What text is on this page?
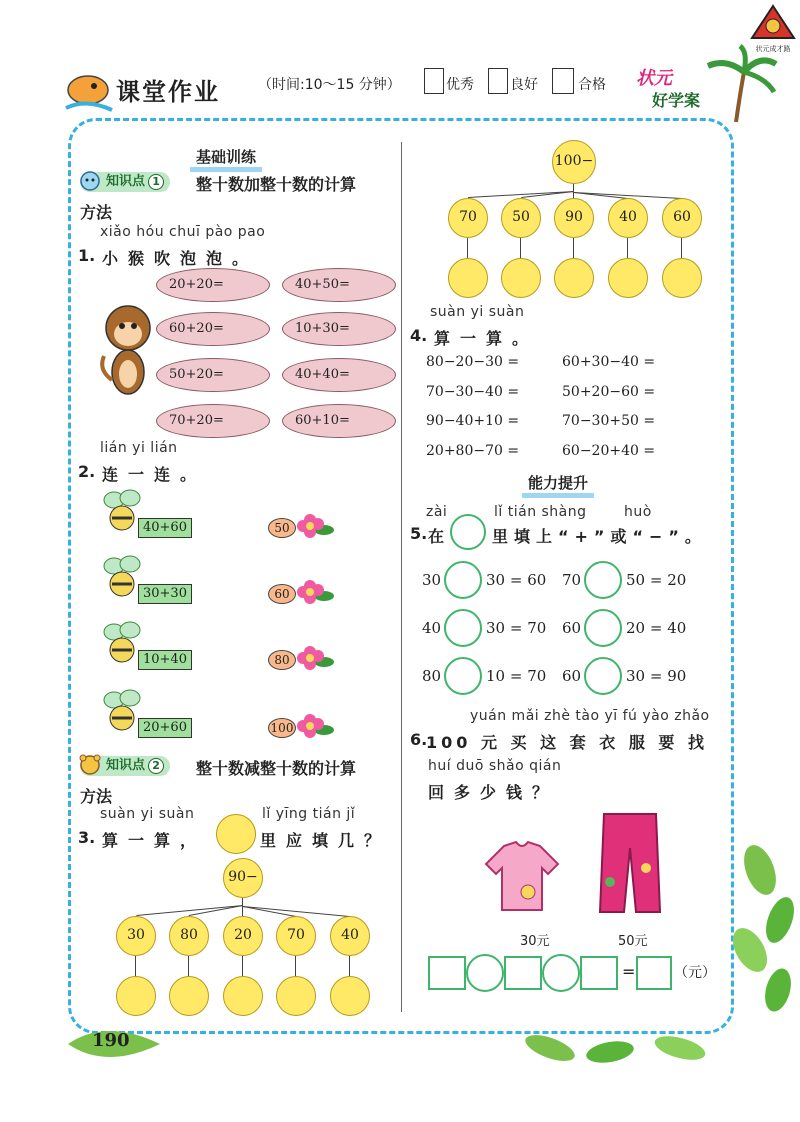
状元成才路
课堂作业	（时间:10～15 分钟）	优秀	良好	合格 状元
好学案
基础训练
知识点 1	整十数加整十数的计算
方法
xiǎo hóu chuī pào pao
1. 小猴吹泡泡。
20+20=	40+50=
60+20=	10+30=
50+20=	40+40=
70+20=	60+10=
lián yi lián
2. 连一连。
40+60	50
30+30	60
10+40	80
20+60	100
知识点 2	整十数减整十数的计算
方法
suàn yi suàn	lǐ yīng tián jǐ
3. 算一算，	里应填几？
90−
30	80	20	70	40
100−
70	50	90	40	60
suàn yi suàn
4. 算一算。
80−20−30 =	60+30−40 =
70−30−40 =	50+20−60 =
90−40+10 =	70−30+50 =
20+80−70 =	60−20+40 =
能力提升
zài	lǐ tián shàng	huò
5. 在	里填上“+”或“−”。
30	30 = 60 70	50 = 20
40	30 = 70 60	20 = 40
80	10 = 70 60	30 = 90
yuán mǎi zhè tào yī fú yào zhǎo
6.
100 元 买 这 套 衣 服 要 找
huí duō shǎo qián
回多少钱？
30元	50元
=	（元）
190
